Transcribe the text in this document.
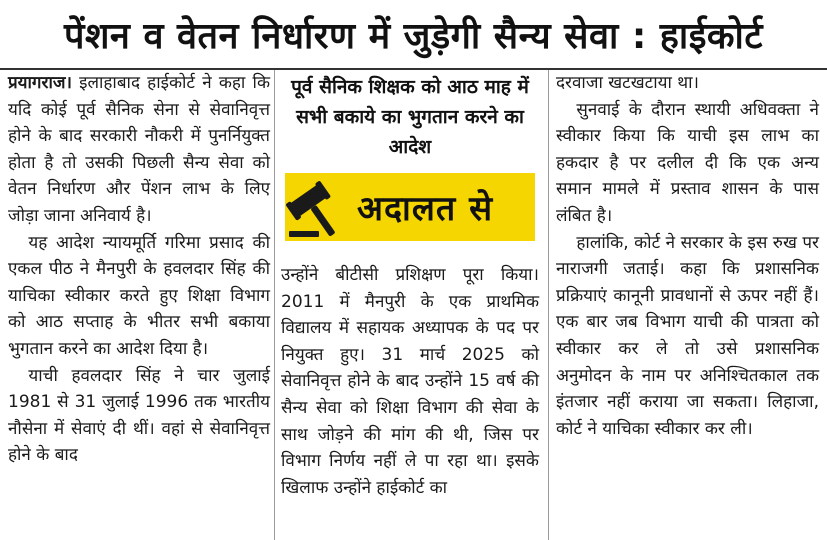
पेंशन व वेतन निर्धारण में जुड़ेगी सैन्य सेवा : हाईकोर्ट

प्रयागराज। इलाहाबाद हाईकोर्ट ने कहा कि यदि कोई पूर्व सैनिक सेना से सेवानिवृत्त होने के बाद सरकारी नौकरी में पुनर्नियुक्त होता है तो उसकी पिछली सैन्य सेवा को वेतन निर्धारण और पेंशन लाभ के लिए जोड़ा जाना अनिवार्य है।

यह आदेश न्यायमूर्ति गरिमा प्रसाद की एकल पीठ ने मैनपुरी के हवलदार सिंह की याचिका स्वीकार करते हुए शिक्षा विभाग को आठ सप्ताह के भीतर सभी बकाया भुगतान करने का आदेश दिया है।

याची हवलदार सिंह ने चार जुलाई 1981 से 31 जुलाई 1996 तक भारतीय नौसेना में सेवाएं दी थीं। वहां से सेवानिवृत्त होने के बाद

पूर्व सैनिक शिक्षक को आठ माह में सभी बकाये का भुगतान करने का आदेश
अदालत से

उन्होंने बीटीसी प्रशिक्षण पूरा किया। 2011 में मैनपुरी के एक प्राथमिक विद्यालय में सहायक अध्यापक के पद पर नियुक्त हुए। 31 मार्च 2025 को सेवानिवृत्त होने के बाद उन्होंने 15 वर्ष की सैन्य सेवा को शिक्षा विभाग की सेवा के साथ जोड़ने की मांग की थी, जिस पर विभाग निर्णय नहीं ले पा रहा था। इसके खिलाफ उन्होंने हाईकोर्ट का

दरवाजा खटखटाया था।

सुनवाई के दौरान स्थायी अधिवक्ता ने स्वीकार किया कि याची इस लाभ का हकदार है पर दलील दी कि एक अन्य समान मामले में प्रस्ताव शासन के पास लंबित है।

हालांकि, कोर्ट ने सरकार के इस रुख पर नाराजगी जताई। कहा कि प्रशासनिक प्रक्रियाएं कानूनी प्रावधानों से ऊपर नहीं हैं। एक बार जब विभाग याची की पात्रता को स्वीकार कर ले तो उसे प्रशासनिक अनुमोदन के नाम पर अनिश्चितकाल तक इंतजार नहीं कराया जा सकता। लिहाजा, कोर्ट ने याचिका स्वीकार कर ली।
